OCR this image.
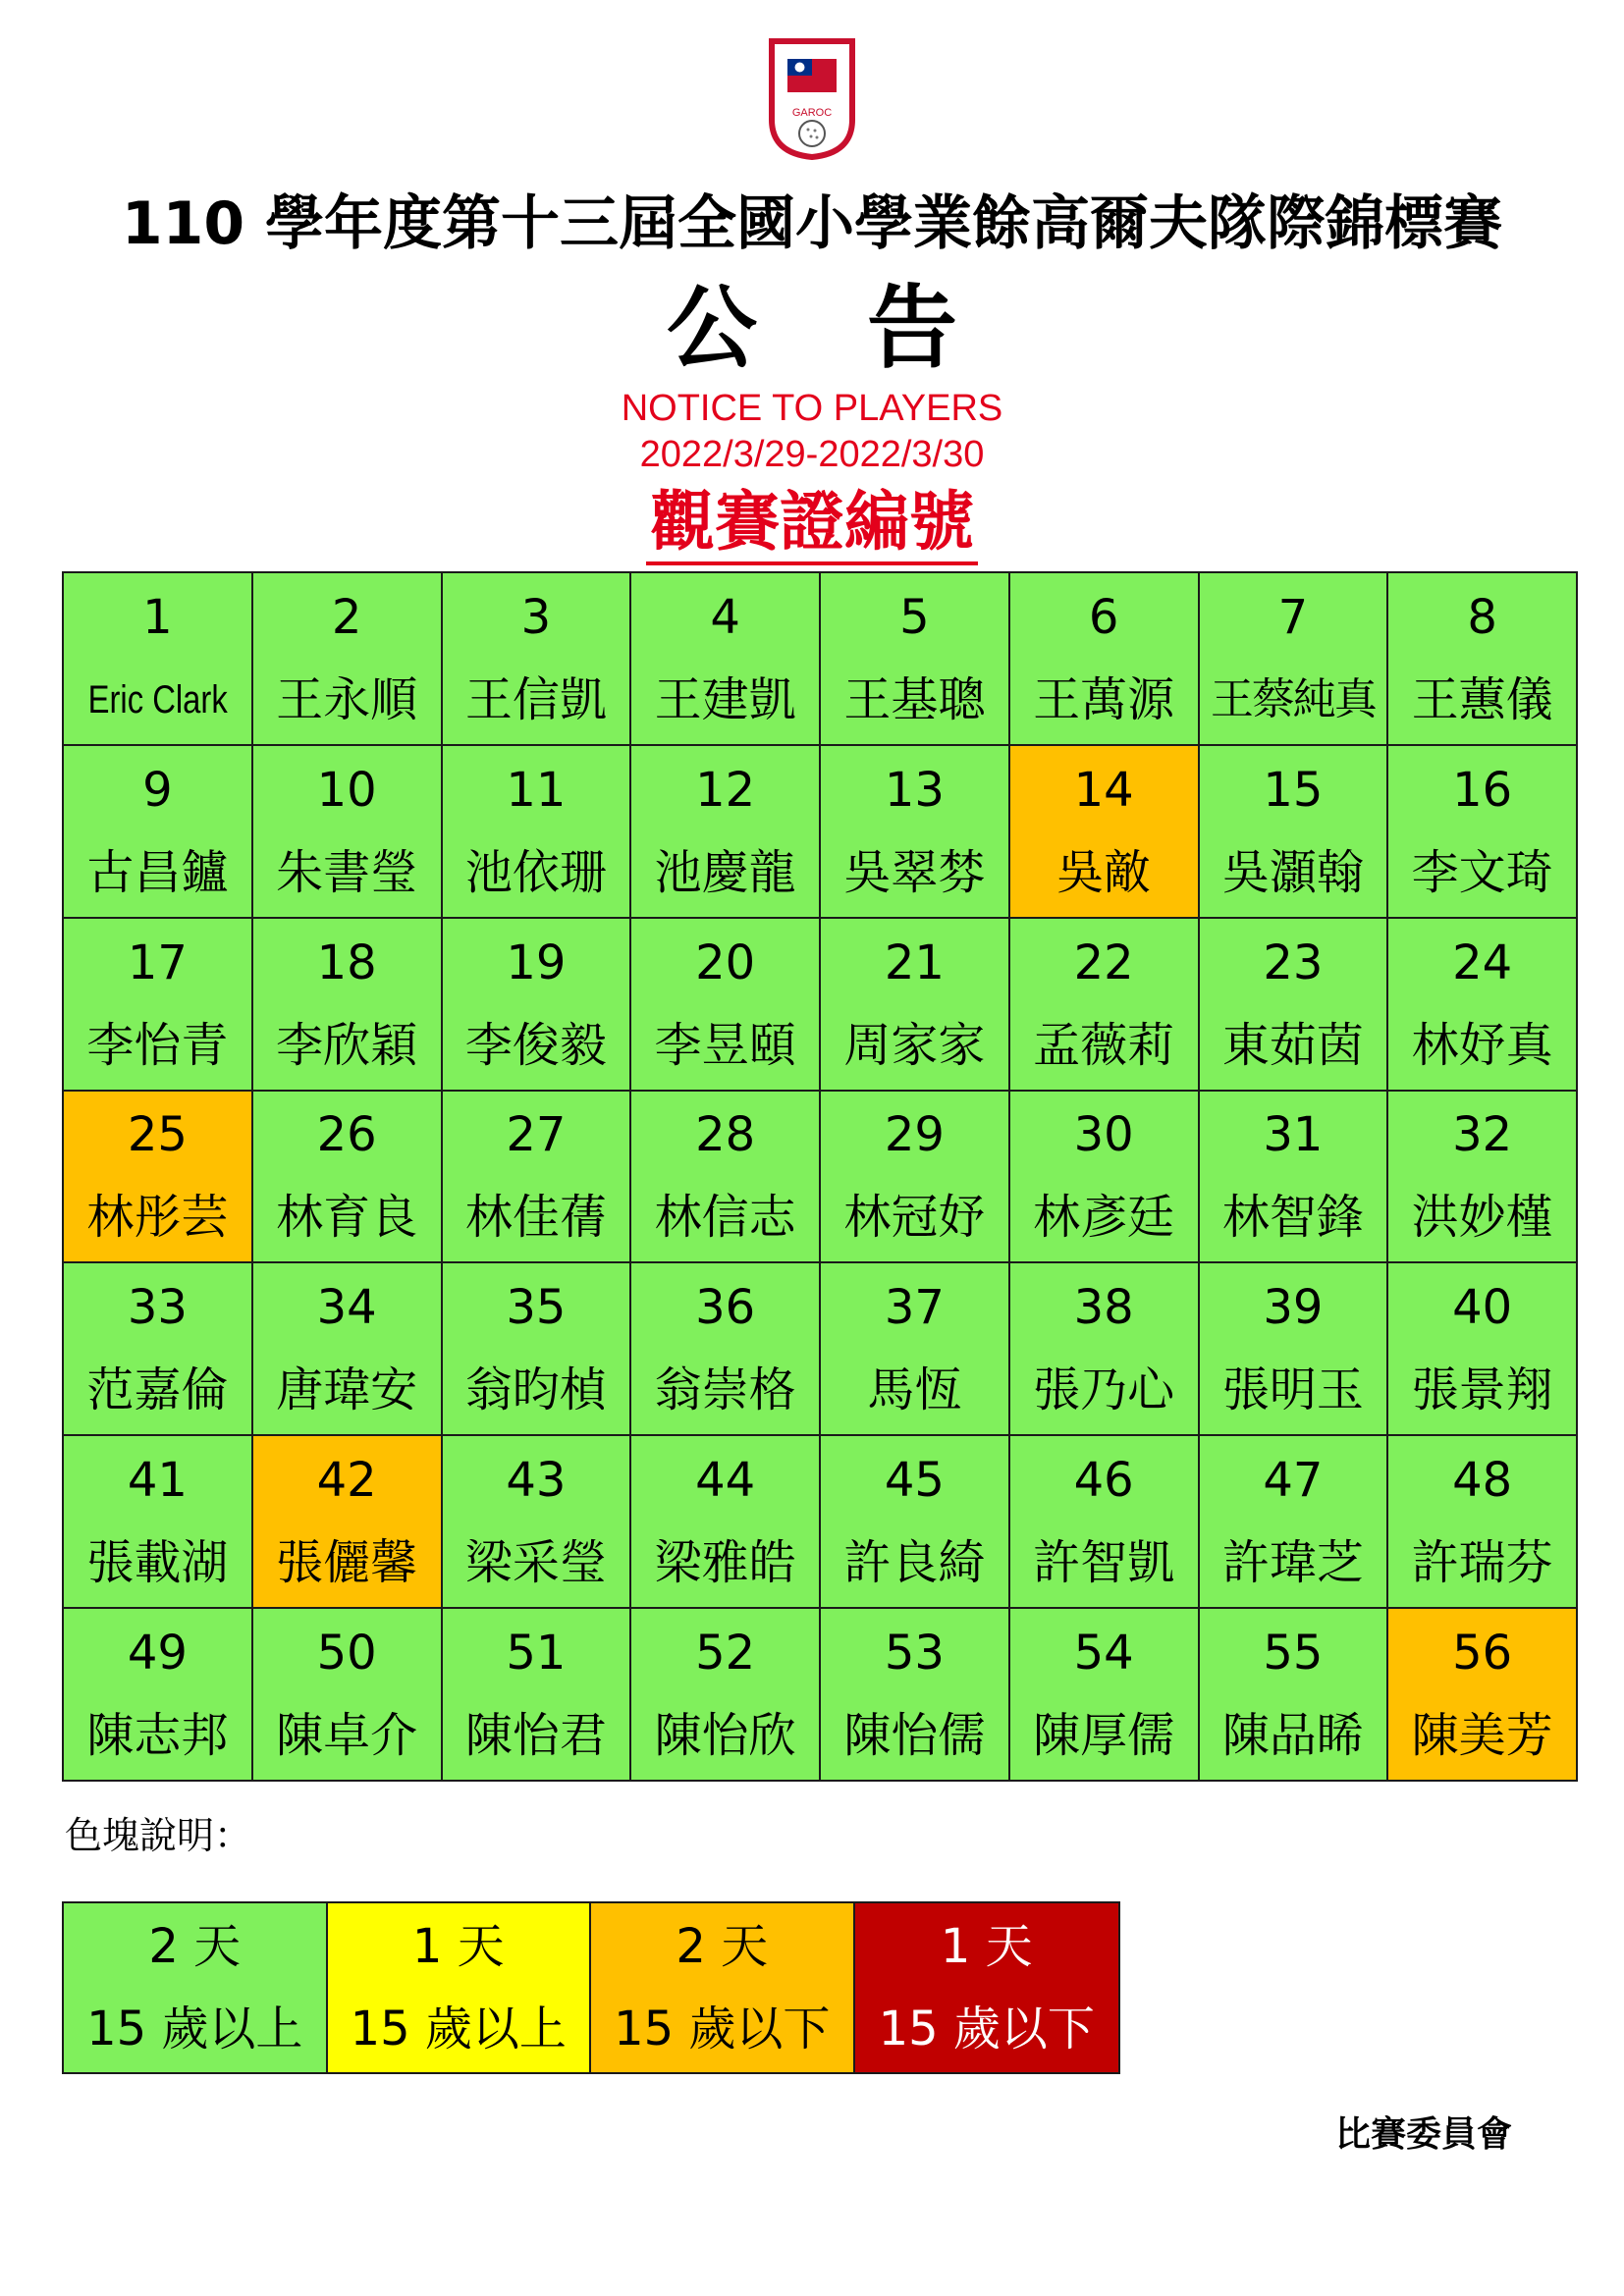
GAROC
110 學年度第十三屆全國小學業餘高爾夫隊際錦標賽
公 告
NOTICE TO PLAYERS
2022/3/29-2022/3/30
觀賽證編號
1
Eric Clark
2
王永順
3
王信凱
4
王建凱
5
王基聰
6
王萬源
7
王蔡純真
8
王蕙儀
9
古昌鑪
10
朱書瑩
11
池依珊
12
池慶龍
13
吳翠棼
14
吳敵
15
吳灝翰
16
李文琦
17
李怡青
18
李欣穎
19
李俊毅
20
李昱頤
21
周家家
22
孟薇莉
23
東茹茵
24
林妤真
25
林彤芸
26
林育良
27
林佳蒨
28
林信志
29
林冠妤
30
林彥廷
31
林智鋒
32
洪妙槿
33
范嘉倫
34
唐瑋安
35
翁昀楨
36
翁崇格
37
馬恆
38
張乃心
39
張明玉
40
張景翔
41
張載湖
42
張儷馨
43
梁采瑩
44
梁雅皓
45
許良綺
46
許智凱
47
許瑋芝
48
許瑞芬
49
陳志邦
50
陳卓介
51
陳怡君
52
陳怡欣
53
陳怡儒
54
陳厚儒
55
陳品睎
56
陳美芳
色塊說明：
2 天
15 歲以上
1 天
15 歲以上
2 天
15 歲以下
1 天
15 歲以下
比賽委員會
